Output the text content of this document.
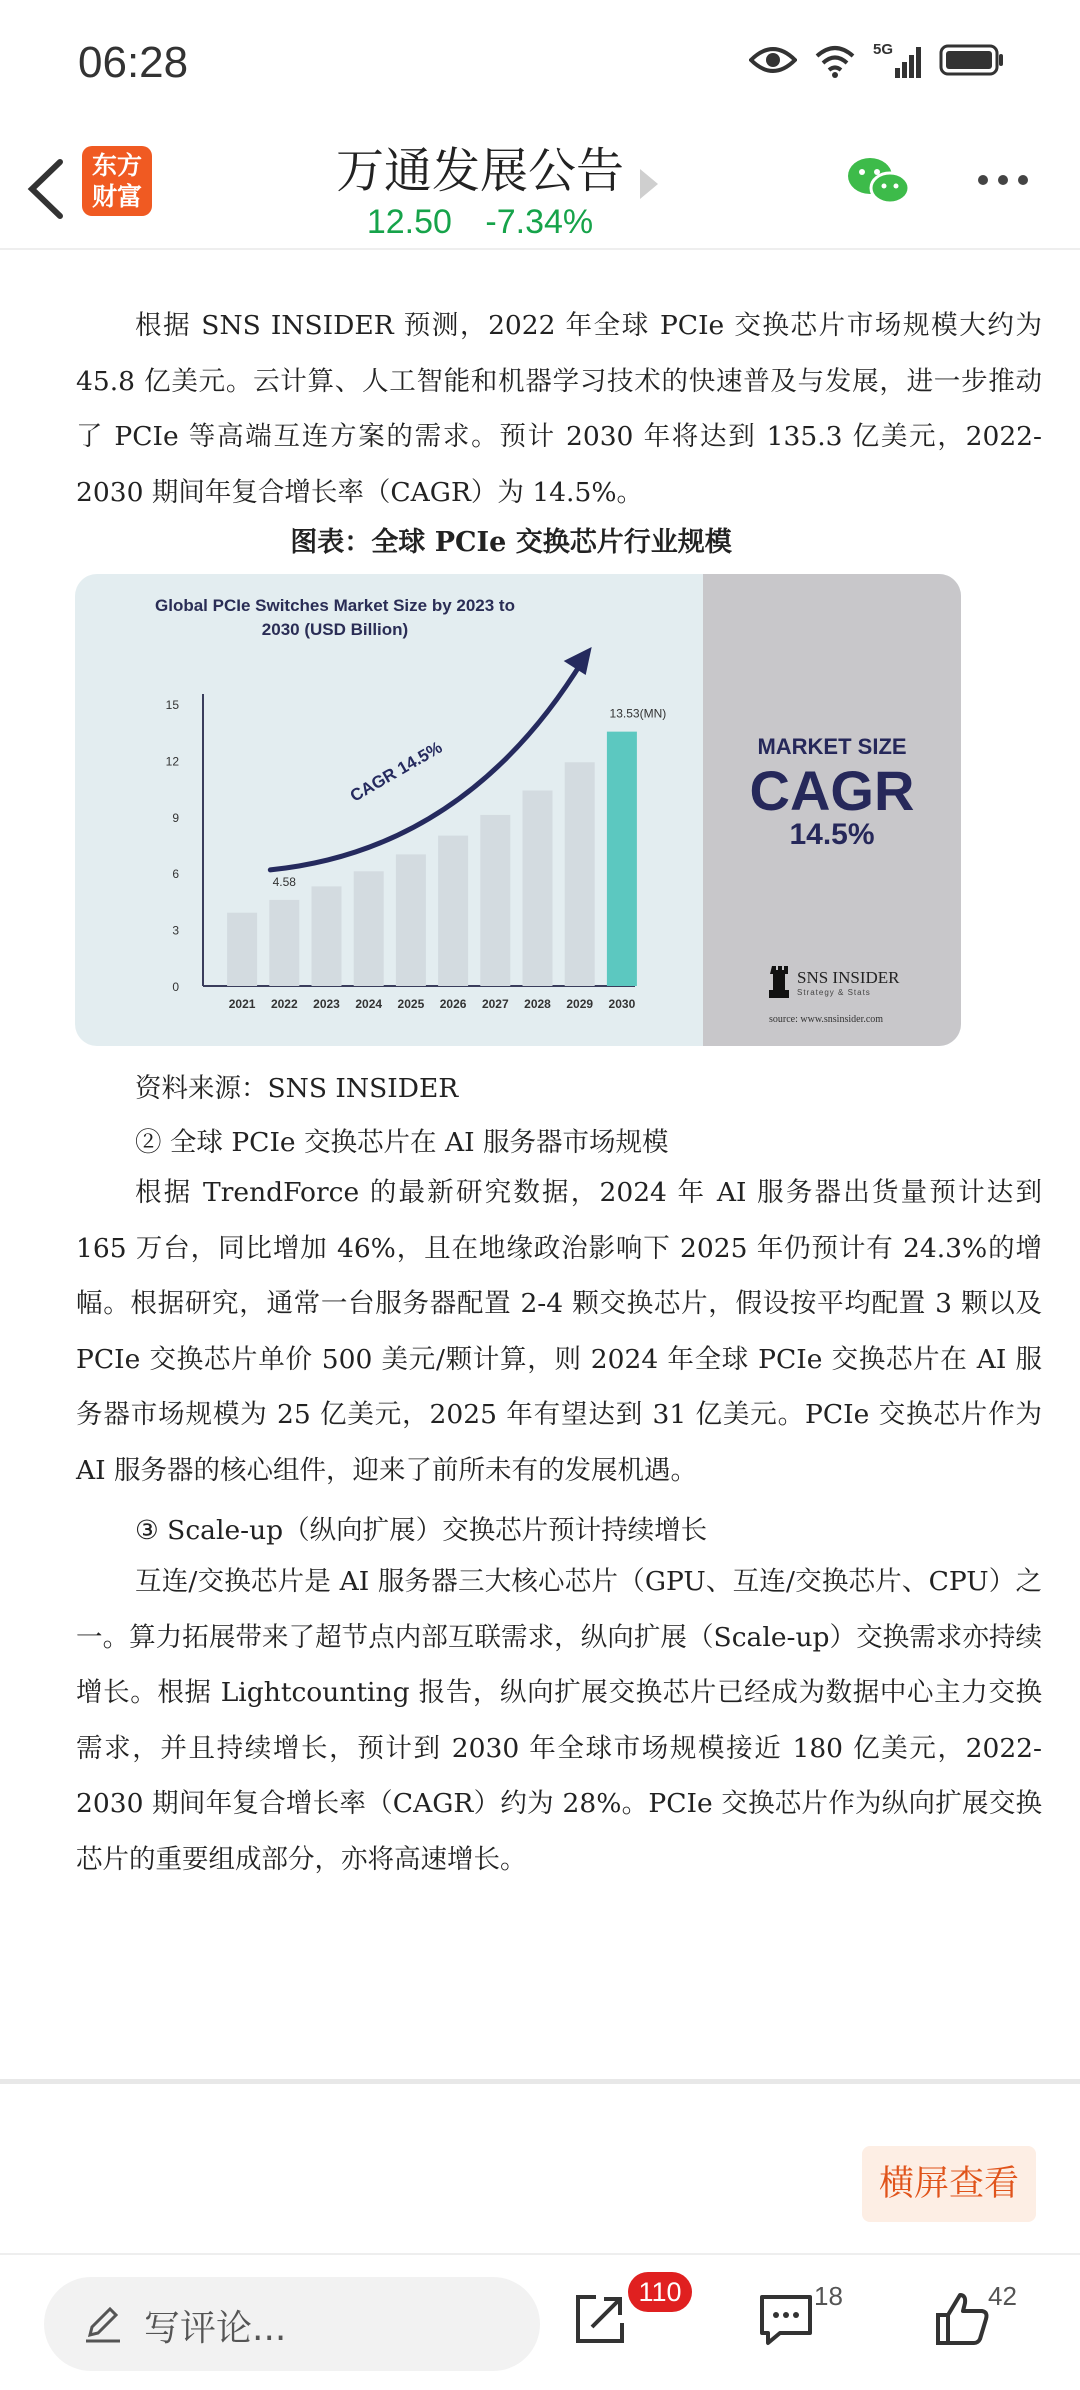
06:28	5G
东方
财富	万通发展公告
12.50 -7.34%
根据 SNS INSIDER 预测，2022 年全球 PCIe 交换芯片市场规模大约为 45.8 亿美元。云计算、人工智能和机器学习技术的快速普及与发展，进一步推动了 PCIe 等高端互连方案的需求。预计 2030 年将达到 135.3 亿美元，2022-2030 期间年复合增长率（CAGR）为 14.5%。
图表：全球 PCIe 交换芯片行业规模
资料来源：SNS INSIDER
② 全球 PCIe 交换芯片在 AI 服务器市场规模
根据 TrendForce 的最新研究数据，2024 年 AI 服务器出货量预计达到 165 万台，同比增加 46%，且在地缘政治影响下 2025 年仍预计有 24.3%的增幅。根据研究，通常一台服务器配置 2-4 颗交换芯片，假设按平均配置 3 颗以及 PCIe 交换芯片单价 500 美元/颗计算，则 2024 年全球 PCIe 交换芯片在 AI 服务器市场规模为 25 亿美元，2025 年有望达到 31 亿美元。PCIe 交换芯片作为 AI 服务器的核心组件，迎来了前所未有的发展机遇。
③ Scale-up（纵向扩展）交换芯片预计持续增长
互连/交换芯片是 AI 服务器三大核心芯片（GPU、互连/交换芯片、CPU）之一。算力拓展带来了超节点内部互联需求，纵向扩展（Scale-up）交换需求亦持续增长。根据 Lightcounting 报告，纵向扩展交换芯片已经成为数据中心主力交换需求，并且持续增长，预计到 2030 年全球市场规模接近 180 亿美元，2022-2030 期间年复合增长率（CAGR）约为 28%。PCIe 交换芯片作为纵向扩展交换芯片的重要组成部分，亦将高速增长。
Global PCIe Switches Market Size by 2023 to 2030 (USD Billion)
0
3
6
9
12
15
2021 2022
4.58
2023 2024 2025 2026 2027 2028 2029 2030
13.53(MN)
CAGR 14.5%	MARKET SIZE
CAGR
14.5%
SNS INSIDER
Strategy & Stats
source: www.snsinsider.com
横屏查看
写评论...
110	18	42
